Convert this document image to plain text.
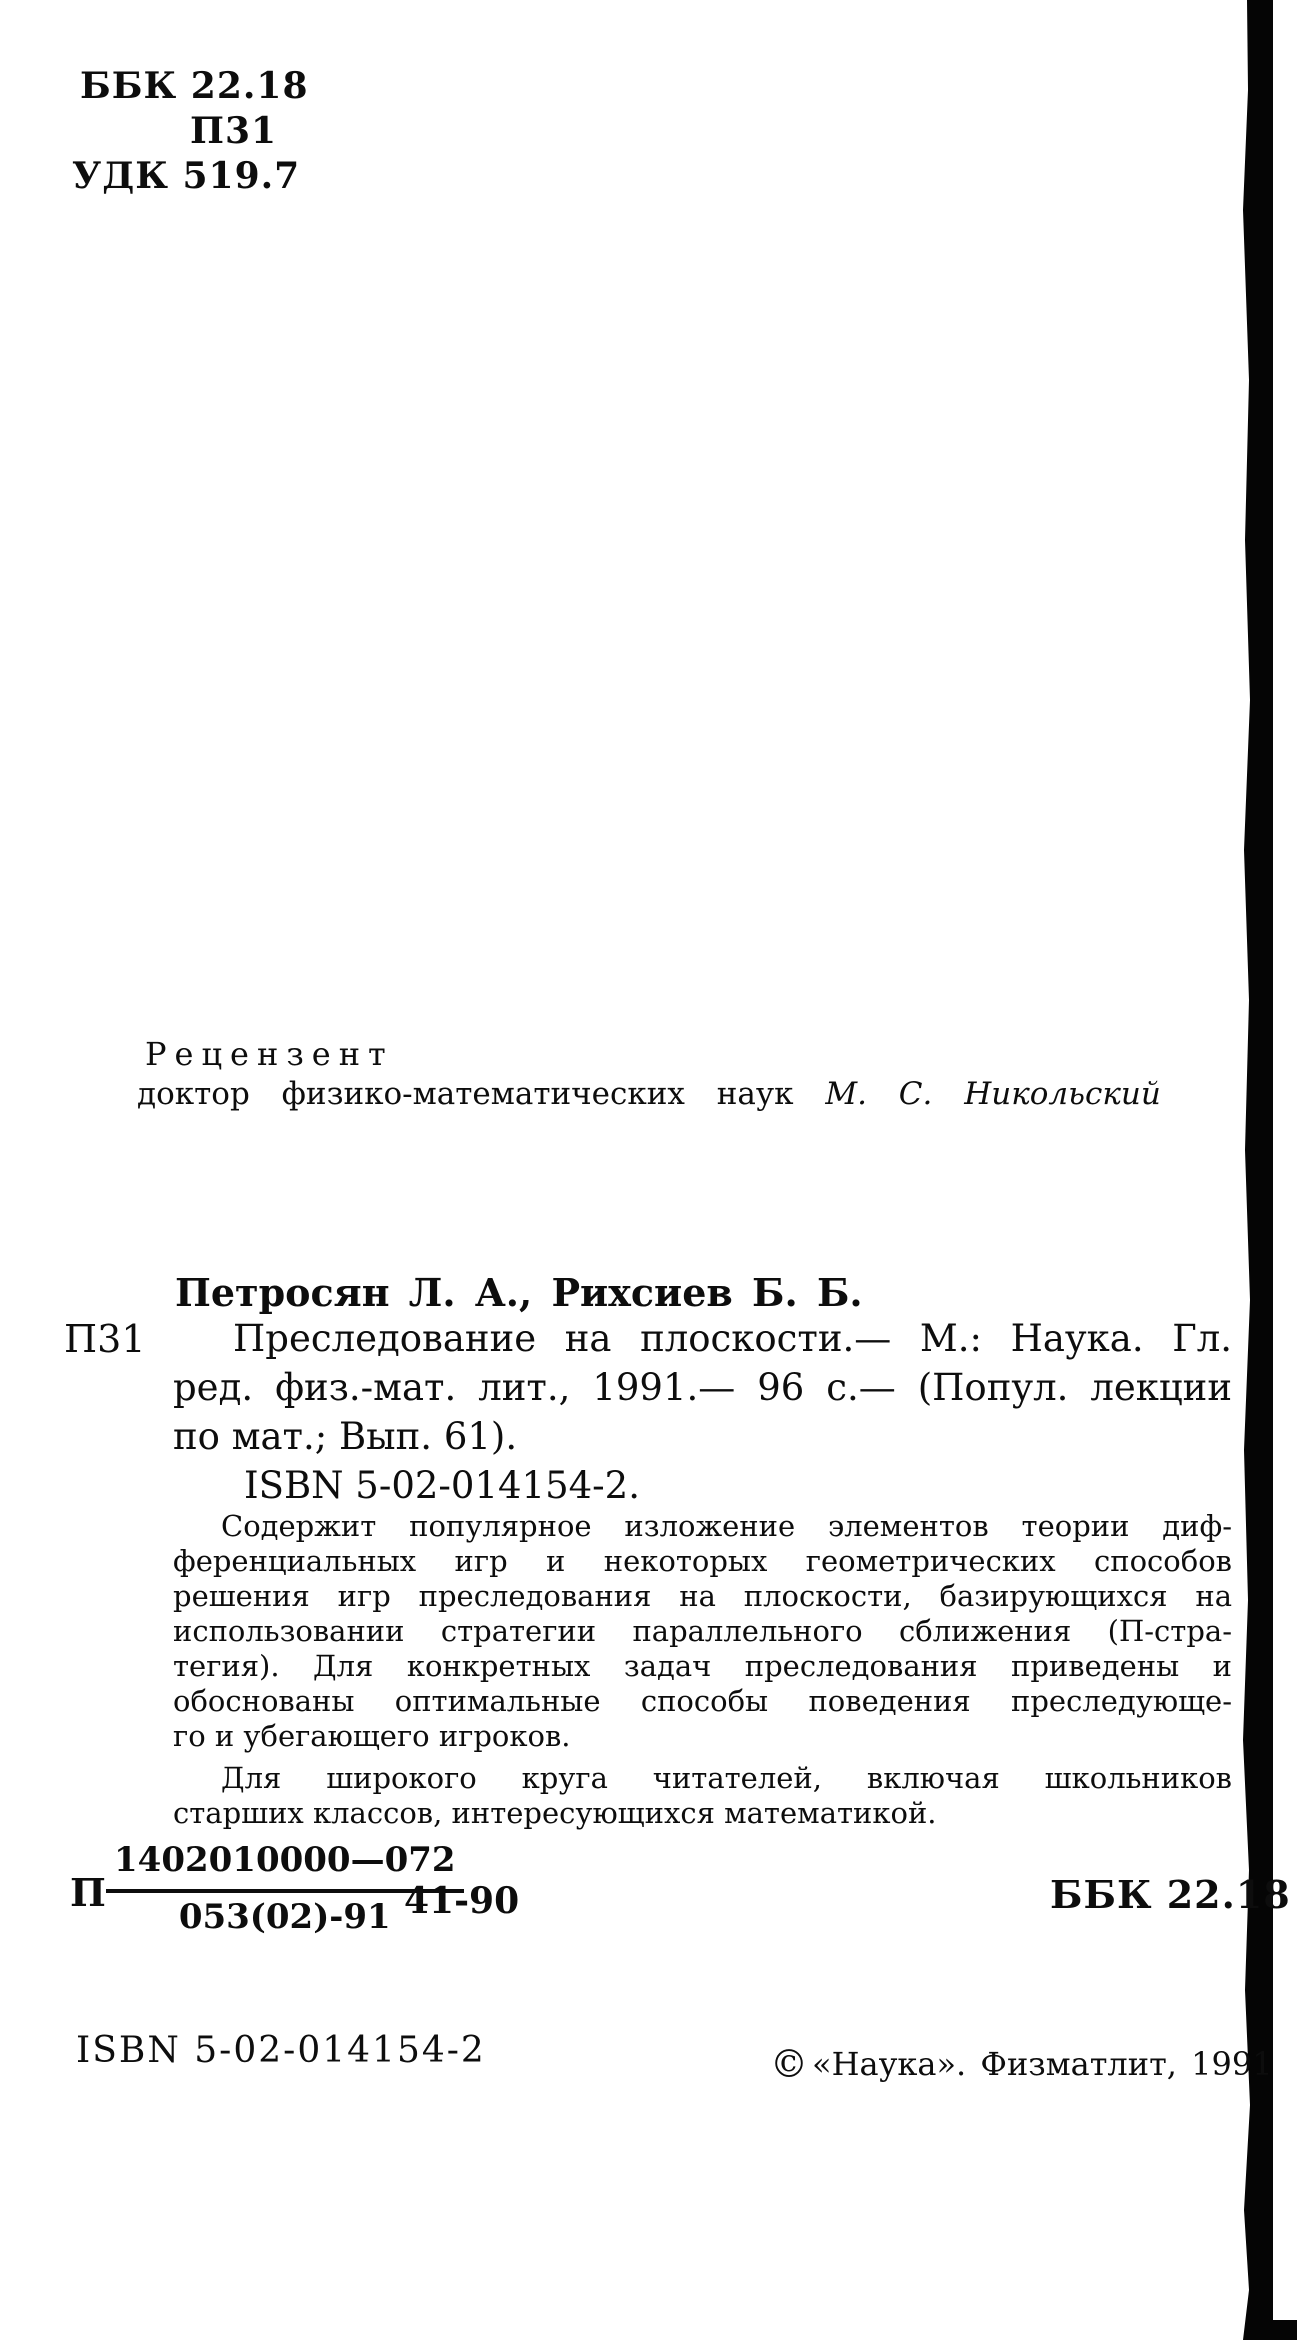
ББК 22.18
П31
УДК 519.7
Рецензент
доктор физико-математических наук М. С. Никольский
Петросян Л. А., Рихсиев Б. Б.
П31	Преследование на плоскости.— М.: Наука. Гл.
ред. физ.-мат. лит., 1991.— 96 с.— (Попул. лекции
по мат.; Вып. 61).
ISBN 5-02-014154-2.
Содержит популярное изложение элементов теории диф-
ференциальных игр и некоторых геометрических способов
решения игр преследования на плоскости, базирующихся на
использовании стратегии параллельного сближения (П-стра-
тегия). Для конкретных задач преследования приведены и
обоснованы оптимальные способы поведения преследующе-
го и убегающего игроков.
Для широкого круга читателей, включая школьников
старших классов, интересующихся математикой.
П $\frac{1402010000—072}{053(02)-91}$
41-90	ББК 22.18
ISBN 5-02-014154-2	© «Наука». Физматлит, 1991
